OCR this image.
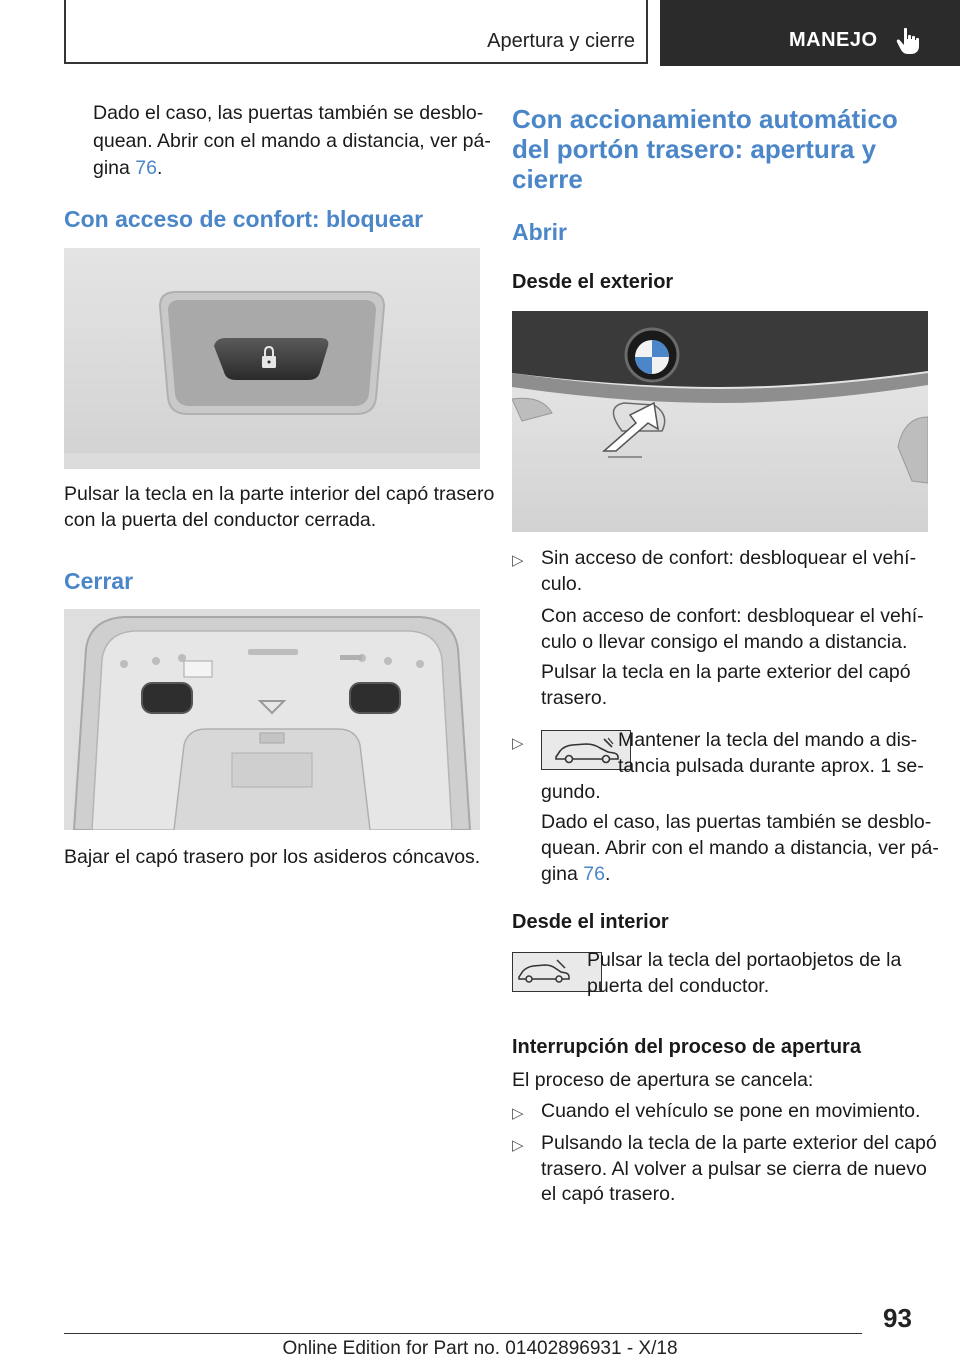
Apertura y cierre	MANEJO
Dado el caso, las puertas también se desblo‐
quean. Abrir con el mando a distancia, ver pá‐
gina 76.
Con acceso de confort: bloquear
Pulsar la tecla en la parte interior del capó trasero
con la puerta del conductor cerrada.
Cerrar
Bajar el capó trasero por los asideros cóncavos.
Con accionamiento automático
del portón trasero: apertura y
cierre
Abrir
Desde el exterior
▷ Sin acceso de confort: desbloquear el vehí‐
culo.
Con acceso de confort: desbloquear el vehí‐
culo o llevar consigo el mando a distancia.
Pulsar la tecla en la parte exterior del capó
trasero.
▷	Mantener la tecla del mando a dis‐
tancia pulsada durante aprox. 1 se‐
gundo.
Dado el caso, las puertas también se desblo‐
quean. Abrir con el mando a distancia, ver pá‐
gina 76.
Desde el interior
Pulsar la tecla del portaobjetos de la
puerta del conductor.
Interrupción del proceso de apertura
El proceso de apertura se cancela:
▷ Cuando el vehículo se pone en movimiento.
▷ Pulsando la tecla de la parte exterior del capó
trasero. Al volver a pulsar se cierra de nuevo
el capó trasero.
93
Online Edition for Part no. 01402896931 - X/18
